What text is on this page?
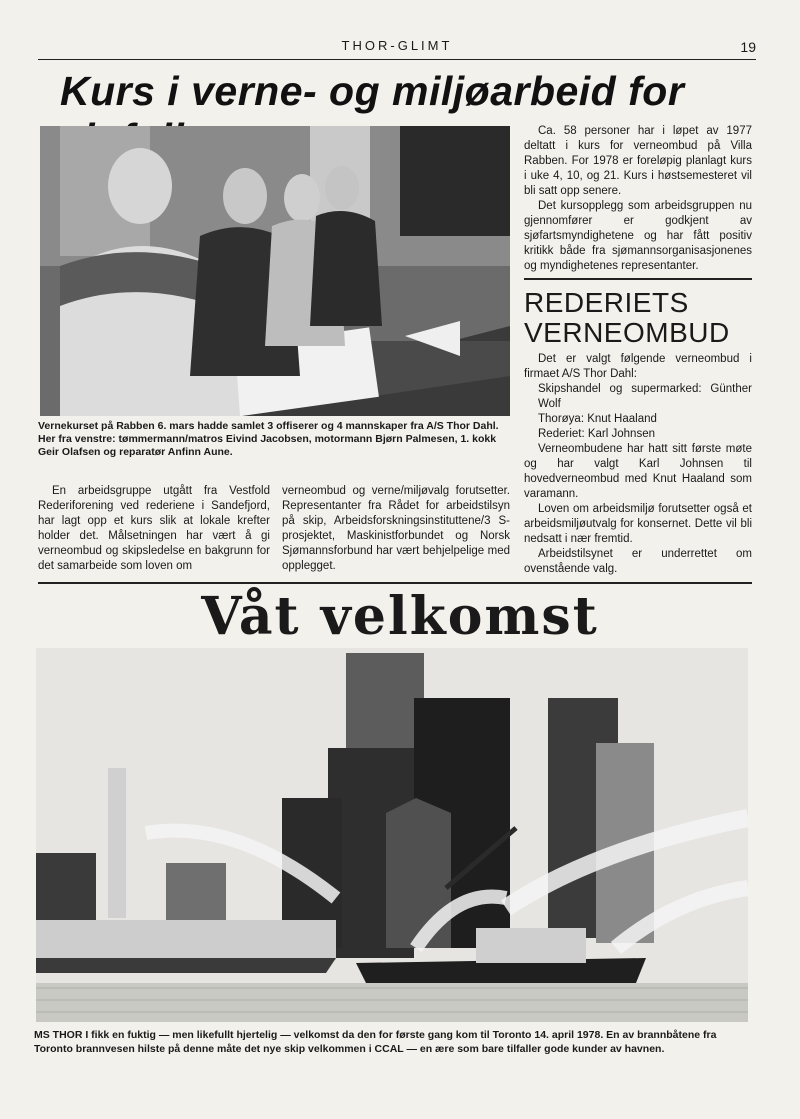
THOR-GLIMT	19
Kurs i verne- og miljøarbeid for
Vernekurset på Rabben 6. mars hadde samlet 3 offiserer og 4 mannskaper fra A/S Thor Dahl. Her fra venstre: tømmermann/matros Eivind Jacobsen, motormann Bjørn Palmesen, 1. kokk Geir Olafsen og reparatør Anfinn Aune.

En arbeidsgruppe utgått fra Vestfold Rederiforening ved rederiene i Sandefjord, har lagt opp et kurs slik at lokale krefter holder det. Målsetningen har vært å gi verneombud og skipsledelse en bakgrunn for det samarbeide som loven om

verneombud og verne/miljøvalg forutsetter. Representanter fra Rådet for arbeidstilsyn på skip, Arbeidsforskningsinstituttene/3 S-prosjektet, Maskinistforbundet og Norsk Sjømannsforbund har vært behjelpelige med opplegget.

Ca. 58 personer har i løpet av 1977 deltatt i kurs for verneombud på Villa Rabben. For 1978 er foreløpig planlagt kurs i uke 4, 10, og 21. Kurs i høstsemesteret vil bli satt opp senere.

Det kursopplegg som arbeidsgruppen nu gjennomfører er godkjent av sjøfartsmyndighetene og har fått positiv kritikk både fra sjømannsorganisasjonenes og myndighetenes representanter.

REDERIETS
VERNEOMBUD

Det er valgt følgende verneombud i firmaet A/S Thor Dahl:

Skipshandel og supermarked: Günther Wolf

Thorøya: Knut Haaland

Rederiet: Karl Johnsen

Verneombudene har hatt sitt første møte og har valgt Karl Johnsen til hovedverneombud med Knut Haaland som varamann.

Loven om arbeidsmiljø forutsetter også et arbeidsmiljøutvalg for konsernet. Dette vil bli nedsatt i nær fremtid.

Arbeidstilsynet er underrettet om ovenstående valg.

Våt velkomst
MS THOR I fikk en fuktig — men likefullt hjertelig — velkomst da den for første gang kom til Toronto 14. april 1978. En av brannbåtene fra Toronto brannvesen hilste på denne måte det nye skip velkommen i CCAL — en ære som bare tilfaller gode kunder av havnen.
